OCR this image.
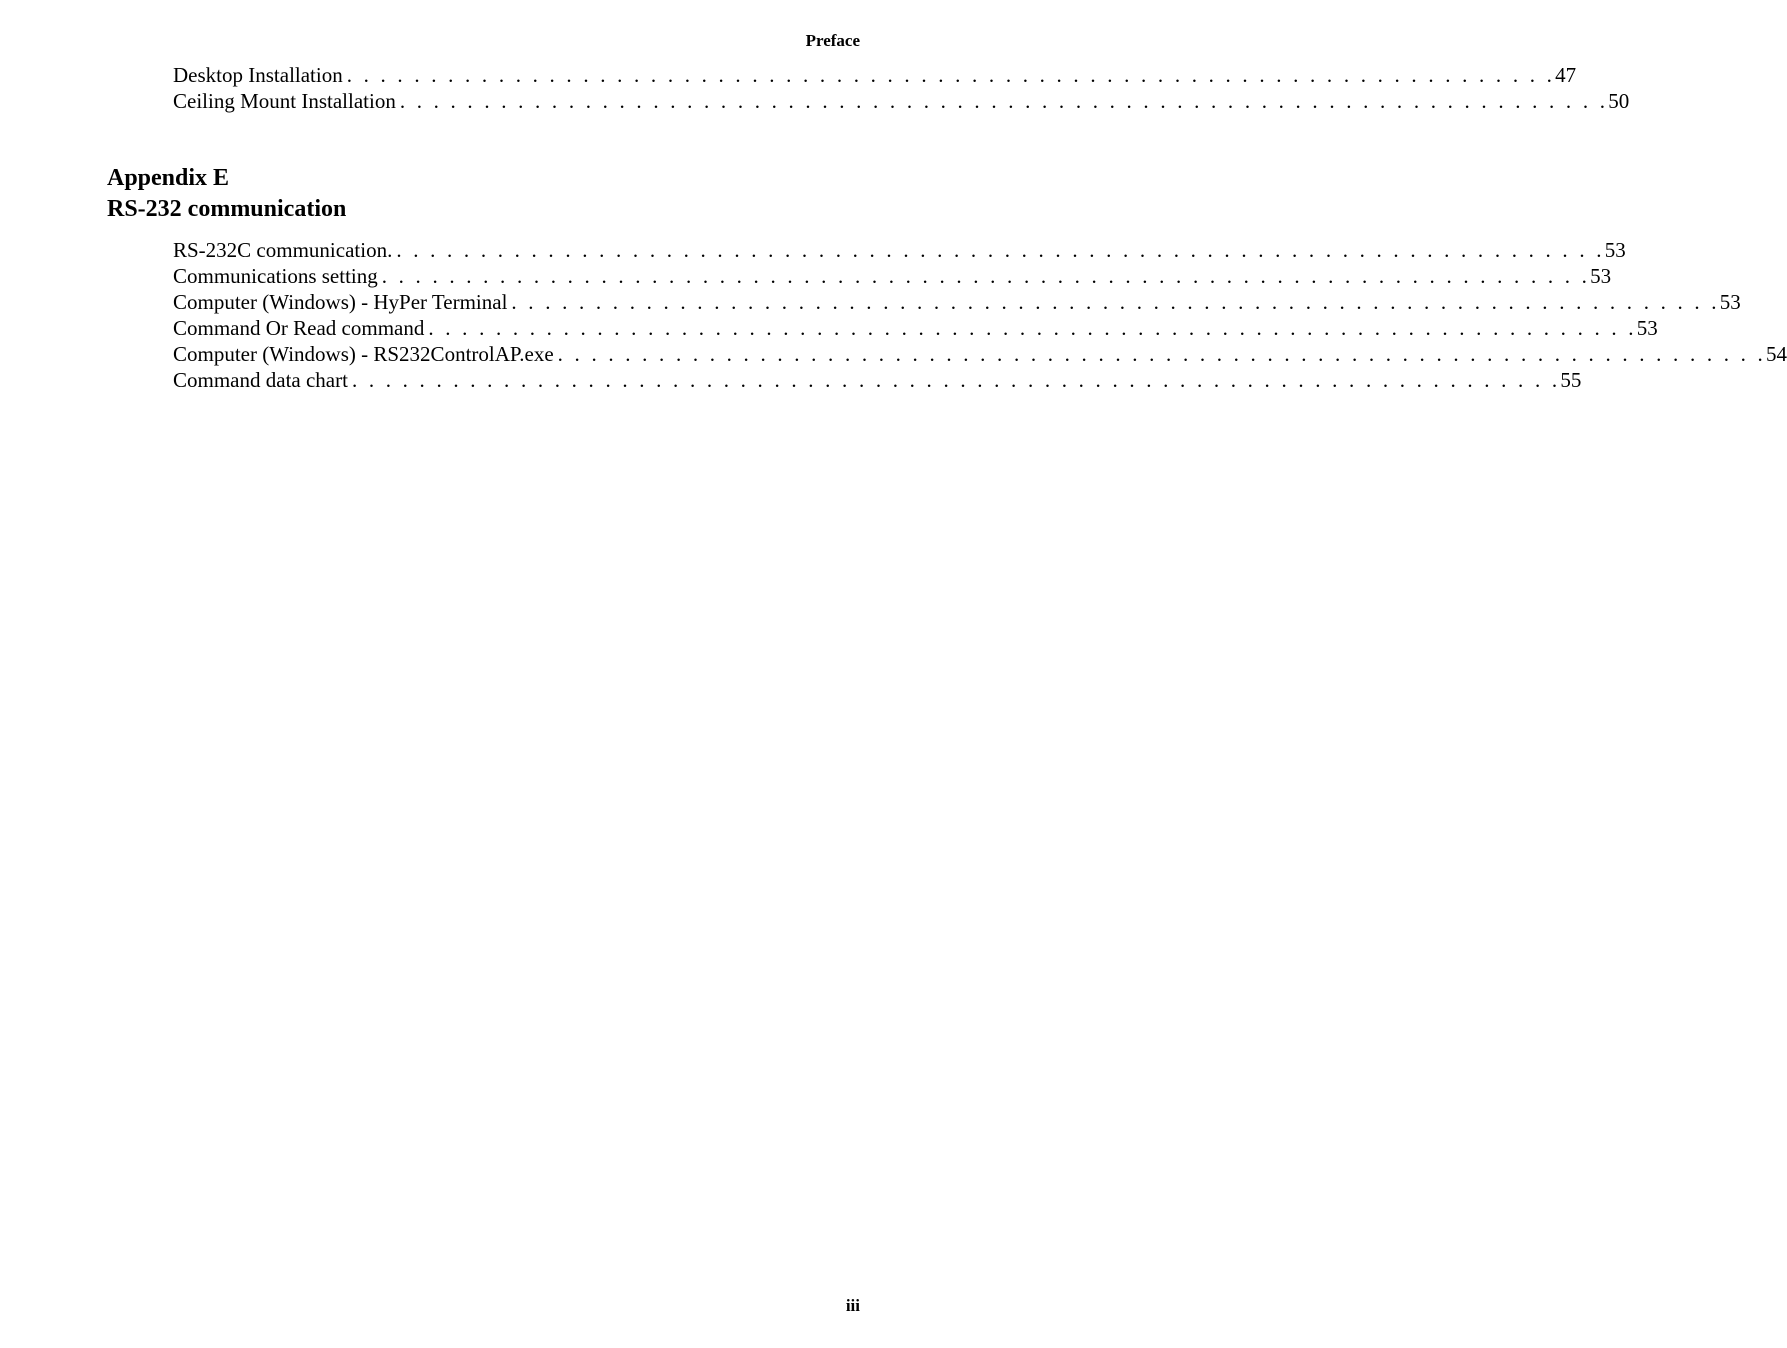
Preface
Desktop Installation . . . . . . . . . . . . . . . . . . . . . . . . . . . . . . . . . . . . . . . . . . . . . . . . . . . . . . . . . . . . . . . . . . . . . . . . 47
Ceiling Mount Installation . . . . . . . . . . . . . . . . . . . . . . . . . . . . . . . . . . . . . . . . . . . . . . . . . . . . . . . . . . . . . . . . . . . . . . . . 50
Appendix E
RS-232 communication
RS-232C communication. . . . . . . . . . . . . . . . . . . . . . . . . . . . . . . . . . . . . . . . . . . . . . . . . . . . . . . . . . . . . . . . . . . . . . . . . 53
Communications setting . . . . . . . . . . . . . . . . . . . . . . . . . . . . . . . . . . . . . . . . . . . . . . . . . . . . . . . . . . . . . . . . . . . . . . . . 53
Computer (Windows) - HyPer Terminal . . . . . . . . . . . . . . . . . . . . . . . . . . . . . . . . . . . . . . . . . . . . . . . . . . . . . . . . . . . . . . . . . . . . . . . . 53
Command Or Read command . . . . . . . . . . . . . . . . . . . . . . . . . . . . . . . . . . . . . . . . . . . . . . . . . . . . . . . . . . . . . . . . . . . . . . . . 53
Computer (Windows) - RS232ControlAP.exe . . . . . . . . . . . . . . . . . . . . . . . . . . . . . . . . . . . . . . . . . . . . . . . . . . . . . . . . . . . . . . . . . . . . . . . . 54
Command data chart . . . . . . . . . . . . . . . . . . . . . . . . . . . . . . . . . . . . . . . . . . . . . . . . . . . . . . . . . . . . . . . . . . . . . . . . 55
iii
